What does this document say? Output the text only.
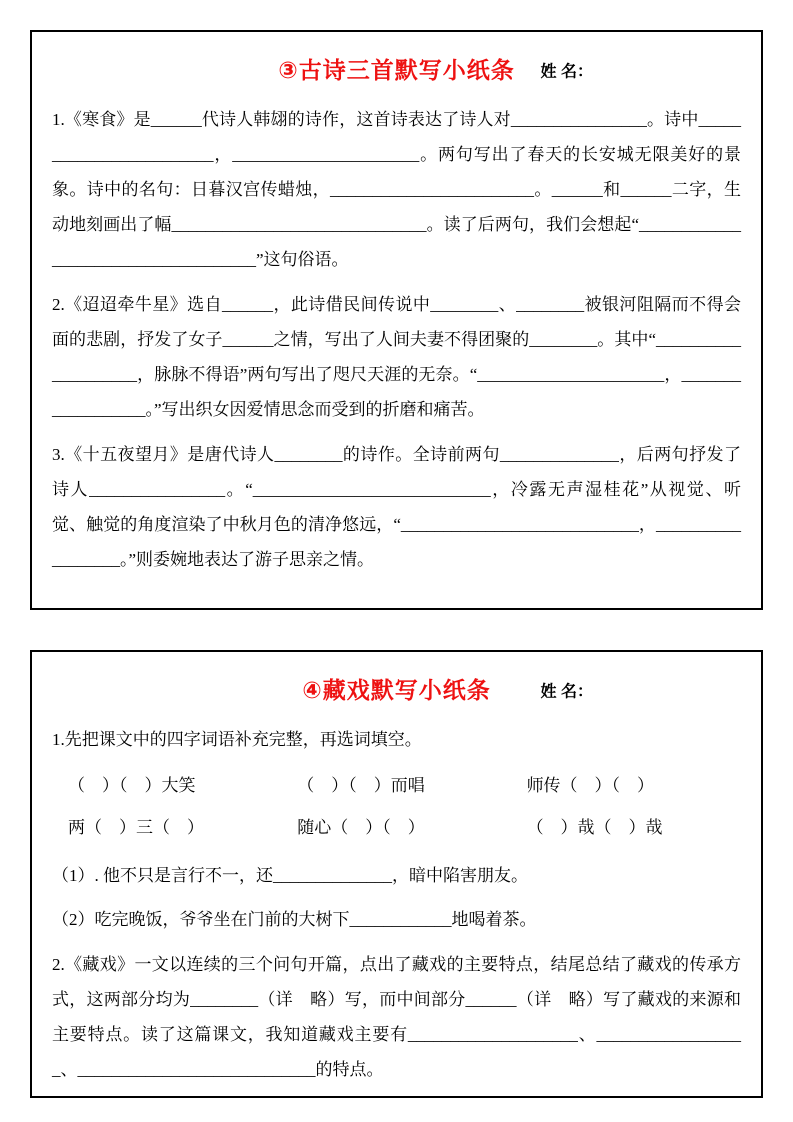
③古诗三首默写小纸条 姓 名：

1.《寒食》是______代诗人韩翃的诗作，这首诗表达了诗人对________________。诗中________________________，______________________。两句写出了春天的长安城无限美好的景象。诗中的名句：日暮汉宫传蜡烛，________________________。______和______二字，生动地刻画出了幅______________________________。读了后两句，我们会想起“____________________________________”这句俗语。

2.《迢迢牵牛星》选自______，此诗借民间传说中________、________被银河阻隔而不得会面的悲剧，抒发了女子______之情，写出了人间夫妻不得团聚的________。其中“____________________，脉脉不得语”两句写出了咫尺天涯的无奈。“______________________，__________________。”写出织女因爱情思念而受到的折磨和痛苦。

3.《十五夜望月》是唐代诗人________的诗作。全诗前两句______________，后两句抒发了诗人________________。“____________________________，冷露无声湿桂花”从视觉、听觉、触觉的角度渲染了中秋月色的清净悠远，“____________________________，__________________。”则委婉地表达了游子思亲之情。

④藏戏默写小纸条	姓 名：

1.先把课文中的四字词语补充完整，再选词填空。

（　）（　）大笑	（　）（　）而唱	师传（　）（　）
两（　）三（　）	随心（　）（　）	（　）哉（　）哉

（1）. 他不只是言行不一，还______________，暗中陷害朋友。

（2）吃完晚饭，爷爷坐在门前的大树下____________地喝着茶。

2.《藏戏》一文以连续的三个问句开篇，点出了藏戏的主要特点，结尾总结了藏戏的传承方式，这两部分均为________（详　略）写，而中间部分______（详　略）写了藏戏的来源和主要特点。读了这篇课文，我知道藏戏主要有____________________、__________________、____________________________的特点。
